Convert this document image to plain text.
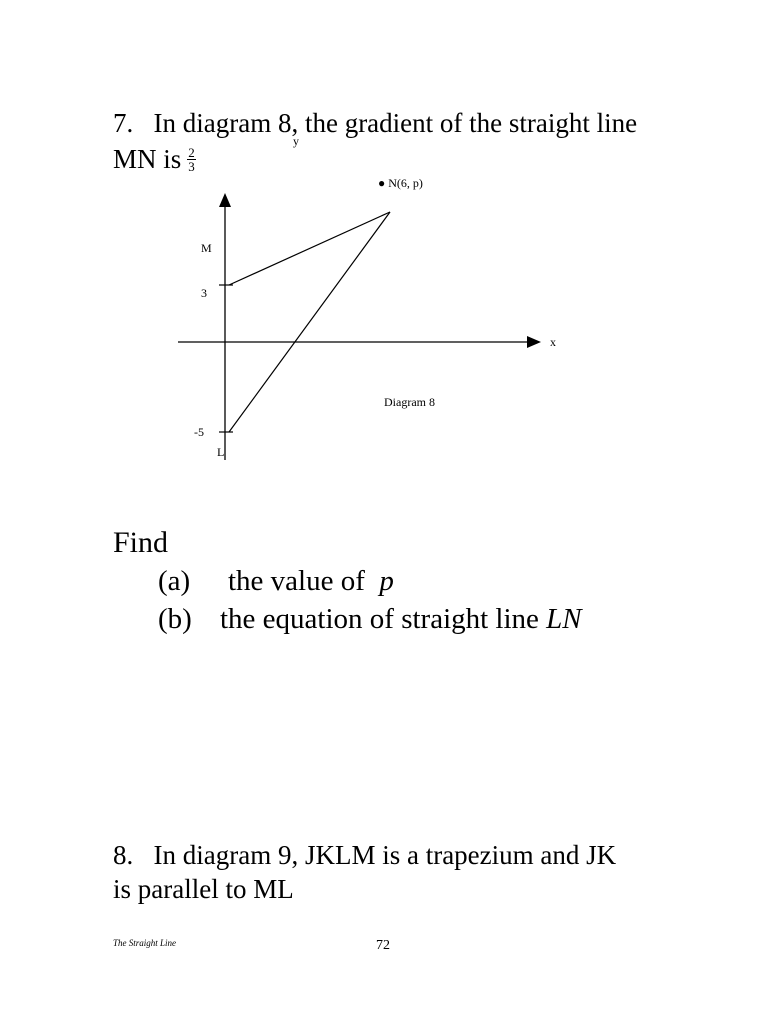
7. In diagram 8, the gradient of the straight line
MN is $\frac{2}{3}$
y
● N(6, p)
M
3
x
Diagram 8
-5
L
Find
(a) the value of p
(b) the equation of straight line LN
8. In diagram 9, JKLM is a trapezium and JK
is parallel to ML
The Straight Line	72
